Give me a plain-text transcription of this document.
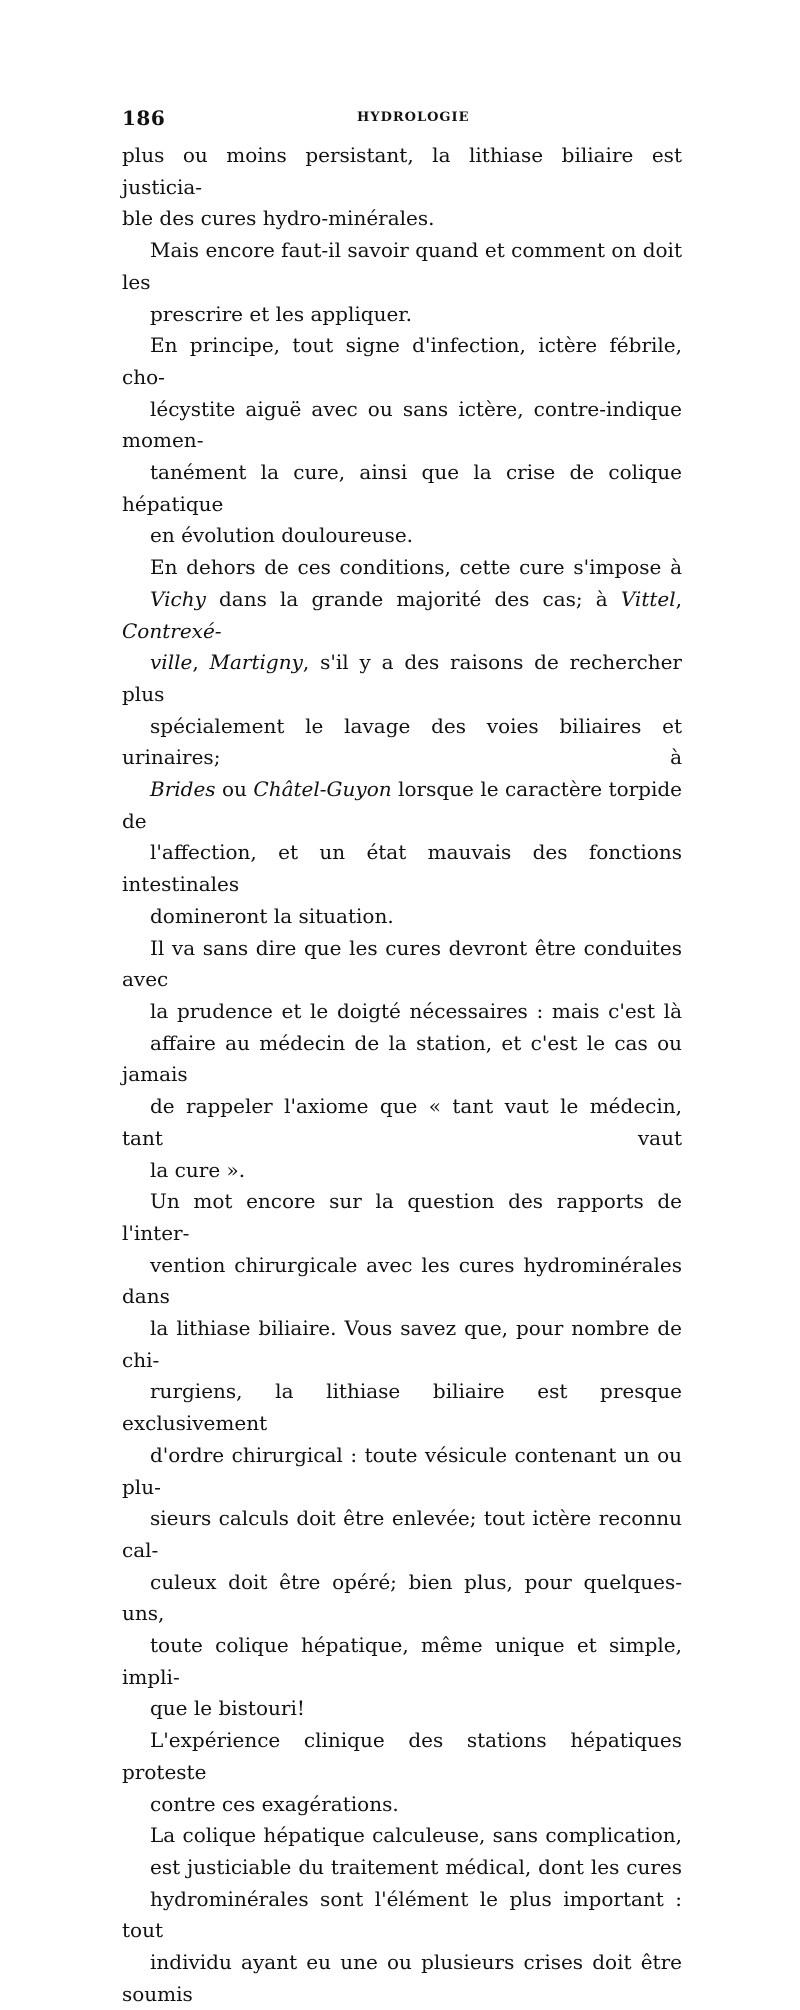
186	HYDROLOGIE

plus ou moins persistant, la lithiase biliaire est justicia-
ble des cures hydro-minérales.

Mais encore faut-il savoir quand et comment on doit les
prescrire et les appliquer.

En principe, tout signe d'infection, ictère fébrile, cho-
lécystite aiguë avec ou sans ictère, contre-indique momen-
tanément la cure, ainsi que la crise de colique hépatique
en évolution douloureuse.

En dehors de ces conditions, cette cure s'impose à
Vichy dans la grande majorité des cas; à Vittel, Contrexé-
ville, Martigny, s'il y a des raisons de rechercher plus
spécialement le lavage des voies biliaires et urinaires; à
Brides ou Châtel-Guyon lorsque le caractère torpide de
l'affection, et un état mauvais des fonctions intestinales
domineront la situation.

Il va sans dire que les cures devront être conduites avec
la prudence et le doigté nécessaires : mais c'est là
affaire au médecin de la station, et c'est le cas ou jamais
de rappeler l'axiome que « tant vaut le médecin, tant vaut
la cure ».

Un mot encore sur la question des rapports de l'inter-
vention chirurgicale avec les cures hydrominérales dans
la lithiase biliaire. Vous savez que, pour nombre de chi-
rurgiens, la lithiase biliaire est presque exclusivement
d'ordre chirurgical : toute vésicule contenant un ou plu-
sieurs calculs doit être enlevée; tout ictère reconnu cal-
culeux doit être opéré; bien plus, pour quelques-uns,
toute colique hépatique, même unique et simple, impli-
que le bistouri!

L'expérience clinique des stations hépatiques proteste
contre ces exagérations.

La colique hépatique calculeuse, sans complication,
est justiciable du traitement médical, dont les cures
hydrominérales sont l'élément le plus important : tout
individu ayant eu une ou plusieurs crises doit être soumis
